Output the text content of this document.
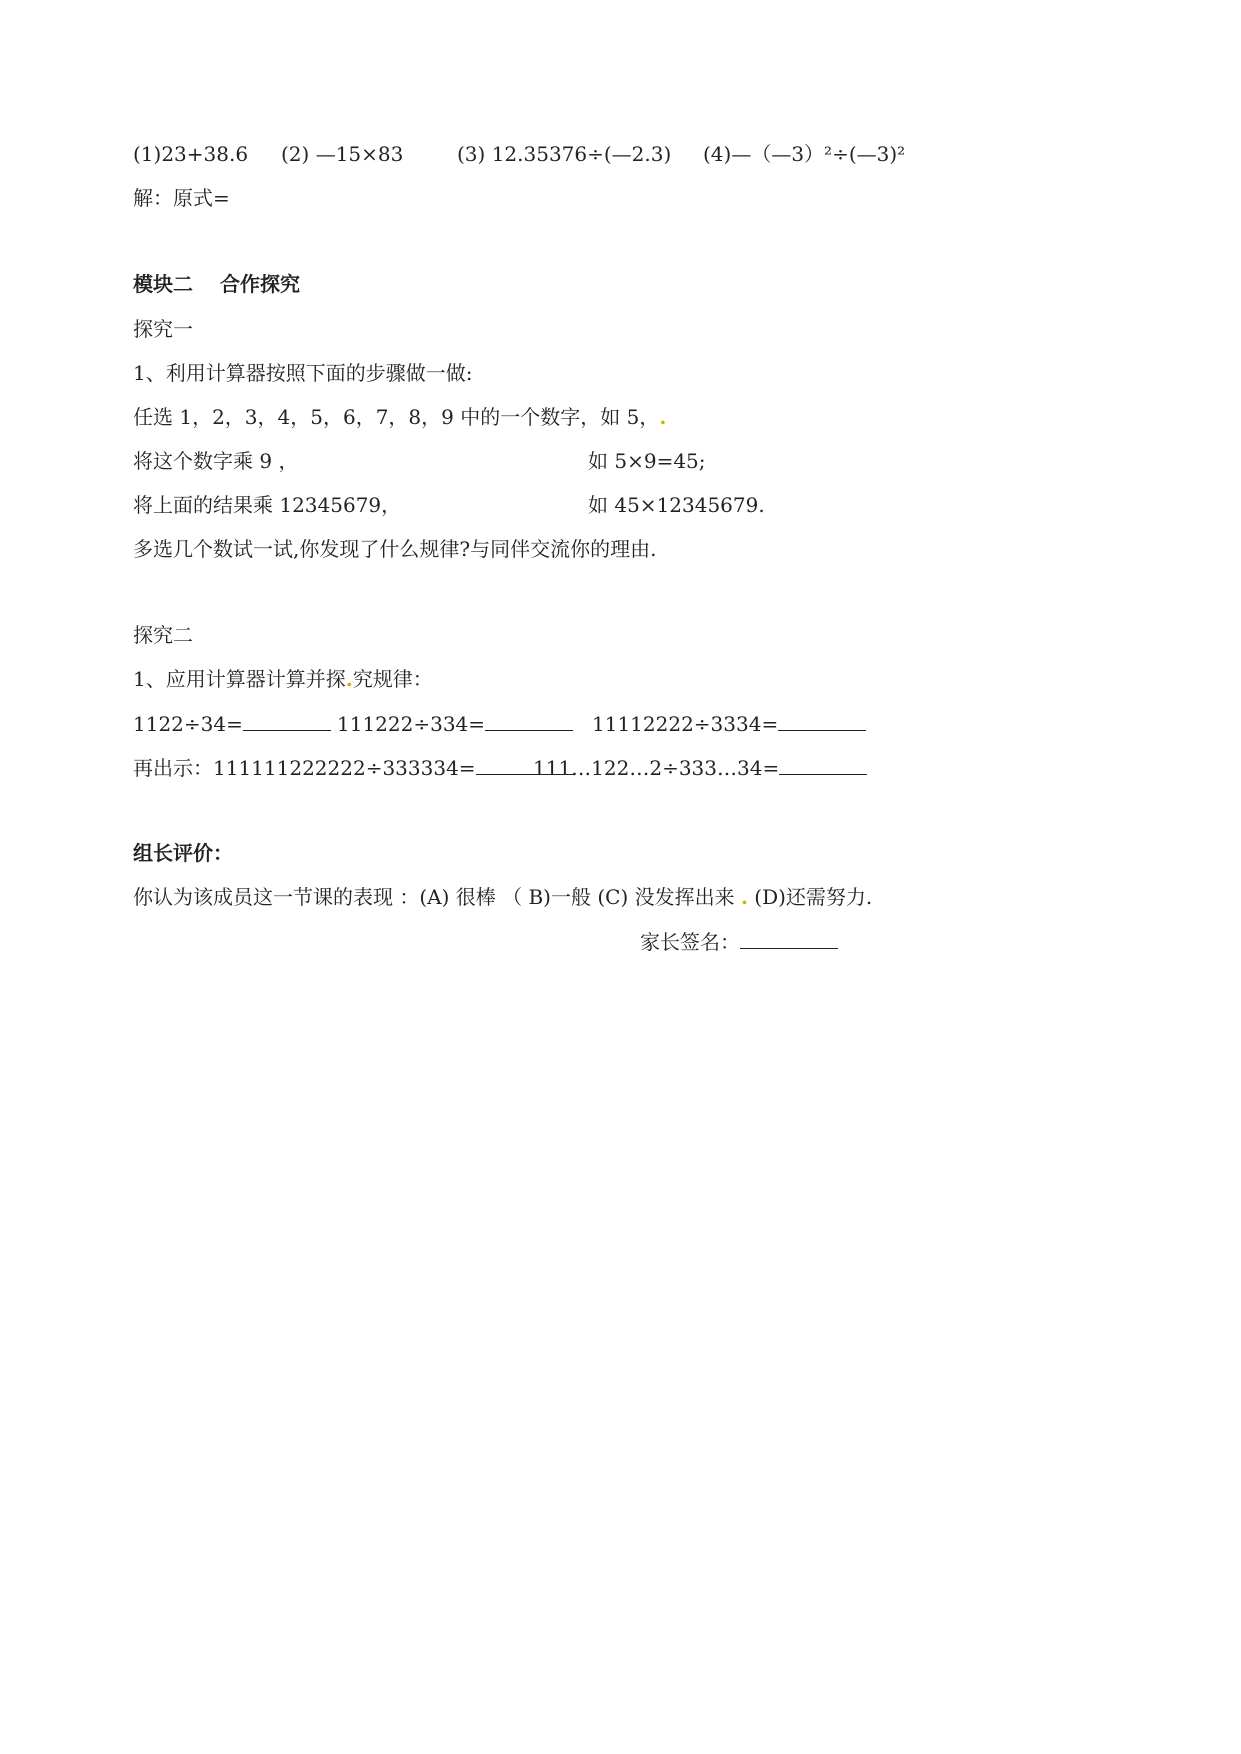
(1)23+38.6 (2) —15×83	(3) 12.35376÷(—2.3) (4)—（—3）²÷(—3)²
解：原式=
模块二　 合作探究
探究一
1、利用计算器按照下面的步骤做一做:
任选 1，2，3，4，5，6，7，8，9 中的一个数字，如 5，.
将这个数字乘 9 ，	如 5×9=45;
将上面的结果乘 12345679，	如 45×12345679.
多选几个数试一试,你发现了什么规律?与同伴交流你的理由.
探究二
1、应用计算器计算并探.究规律：
1122÷34=	111222÷334=	11112222÷3334=
再出示：111111222222÷333334=	111…122…2÷333…34=
组长评价：
你认为该成员这一节课的表现 ：(A) 很棒 （ B)一般 (C) 没发挥出来 . (D)还需努力.
家长签名：
